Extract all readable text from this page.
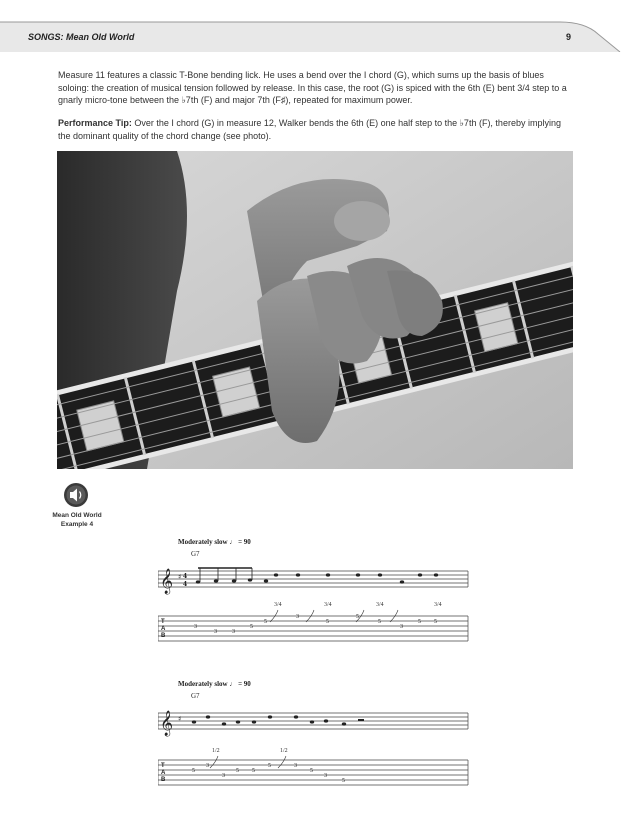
SONGS: Mean Old World	9

Measure 11 features a classic T-Bone bending lick. He uses a bend over the I chord (G), which sums up the basis of blues soloing: the creation of musical tension followed by release. In this case, the root (G) is spiced with the 6th (E) bent 3/4 step to a gnarly micro-tone between the ♭7th (F) and major 7th (F♯), repeated for maximum power.

Performance Tip: Over the I chord (G) in measure 12, Walker bends the 6th (E) one half step to the ♭7th (F), thereby implying the dominant quality of the chord change (see photo).

Mean Old World
Example 4
Moderately slow ♩ = 90
G7
𝄞 ♯ 4
4
T
A
B
3
3	3
5
5
3
5
5
5
3
5 5
3/4	3/4	3/4	3/4
Moderately slow ♩ = 90
G7
𝄞 ♯
T
A
B
5
3
3
5 5
5	3
5
3
5
1/2	1/2
